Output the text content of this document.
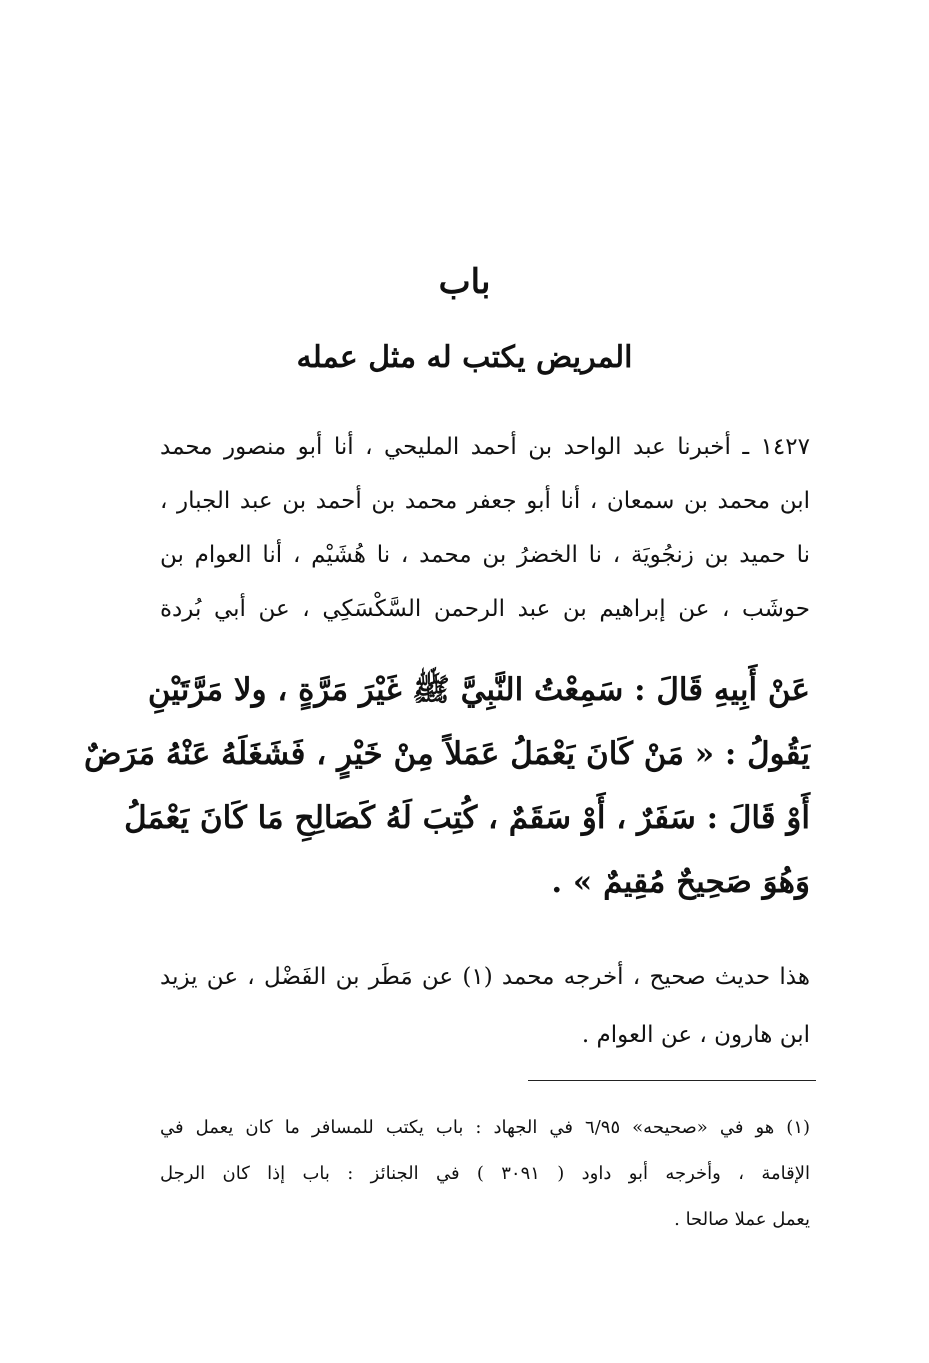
باب
المريض يكتب له مثل عمله
١٤٢٧ ـ أخبرنا عبد الواحد بن أحمد المليحي ، أنا أبو منصور محمد
ابن محمد بن سمعان ، أنا أبو جعفر محمد بن أحمد بن عبد الجبار ،
نا حميد بن زنجُويَة ، نا الخضرُ بن محمد ، نا هُشَيْم ، أنا العوام بن
حوشَب ، عن إبراهيم بن عبد الرحمن السَّكْسَكِي ، عن أبي بُردة
عَنْ أَبِيهِ قَالَ : سَمِعْتُ النَّبِيَّ ﷺ غَيْرَ مَرَّةٍ ، ولا مَرَّتَيْنِ
يَقُولُ : « مَنْ كَانَ يَعْمَلُ عَمَلاً مِنْ خَيْرٍ ، فَشَغَلَهُ عَنْهُ مَرَضٌ
أَوْ قَالَ : سَفَرٌ ، أَوْ سَقَمٌ ، كُتِبَ لَهُ كَصَالِحِ مَا كَانَ يَعْمَلُ
وَهُوَ صَحِيحٌ مُقِيمٌ » .
هذا حديث صحيح ، أخرجه محمد (١) عن مَطَر بن الفَضْل ، عن يزيد
ابن هارون ، عن العوام .
(١) هو في «صحيحه» ٦/٩٥ في الجهاد : باب يكتب للمسافر ما كان يعمل في
الإقامة ، وأخرجه أبو داود ( ٣٠٩١ ) في الجنائز : باب إذا كان الرجل
يعمل عملا صالحا .
